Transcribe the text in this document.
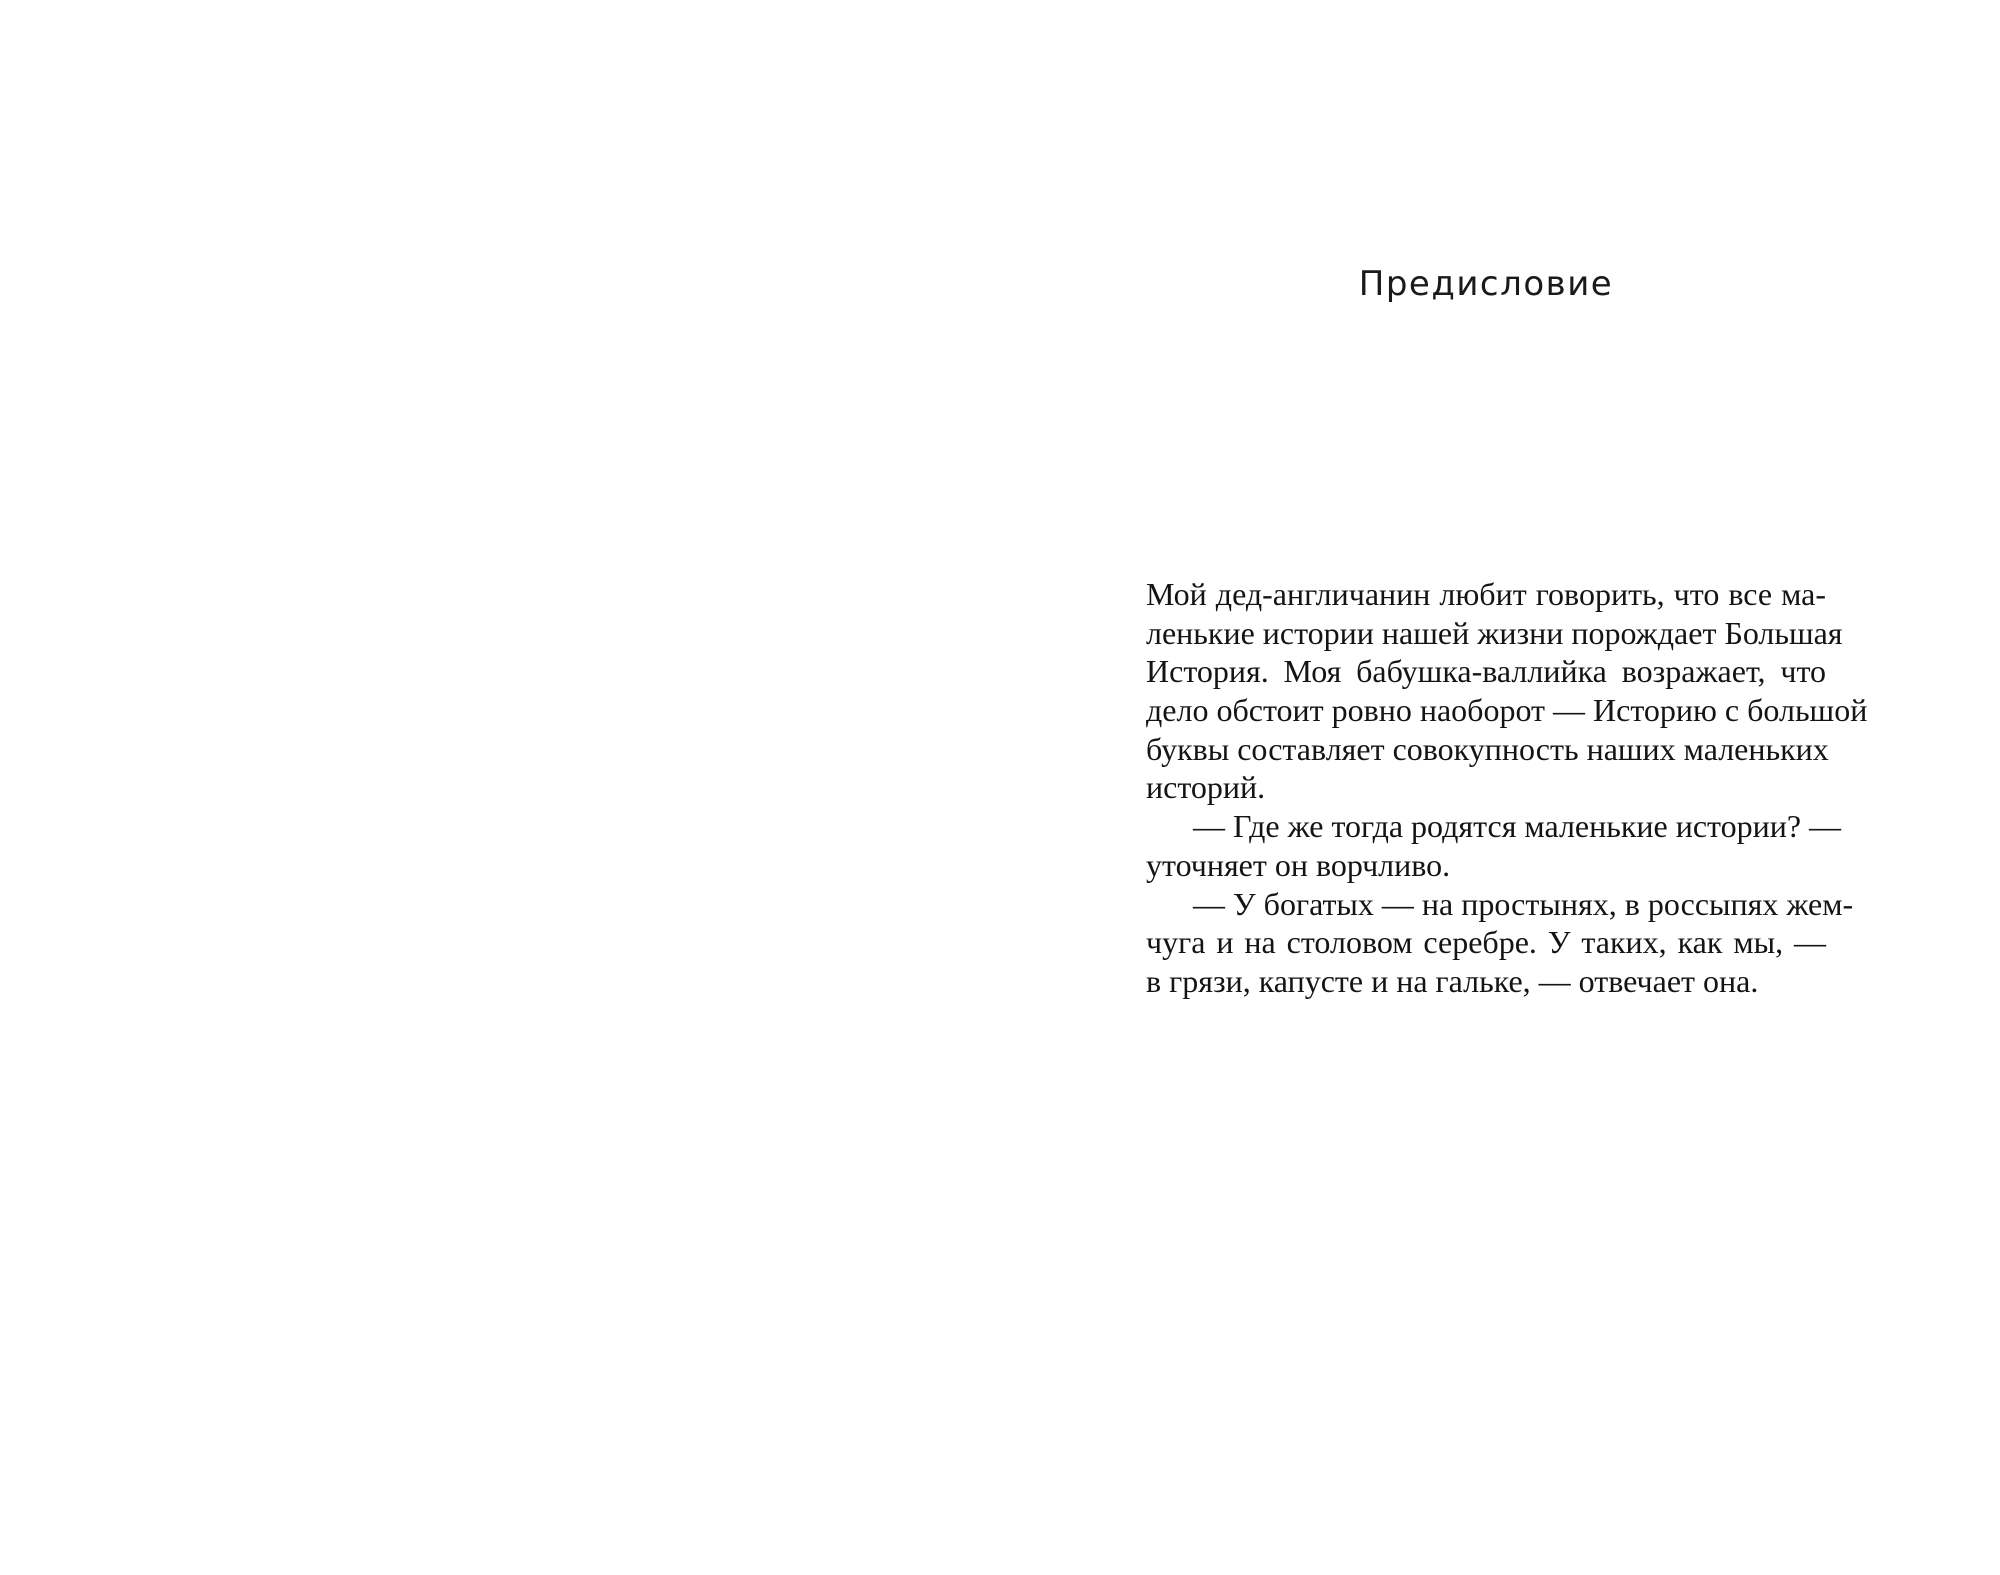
Предисловие
Мой дед-англичанин любит говорить, что все ма-
ленькие истории нашей жизни порождает Большая
История. Моя бабушка-валлийка возражает, что
дело обстоит ровно наоборот — Историю с большой
буквы составляет совокупность наших маленьких
историй.
— Где же тогда родятся маленькие истории? —
уточняет он ворчливо.
— У богатых — на простынях, в россыпях жем-
чуга и на столовом серебре. У таких, как мы, —
в грязи, капусте и на гальке, — отвечает она.
